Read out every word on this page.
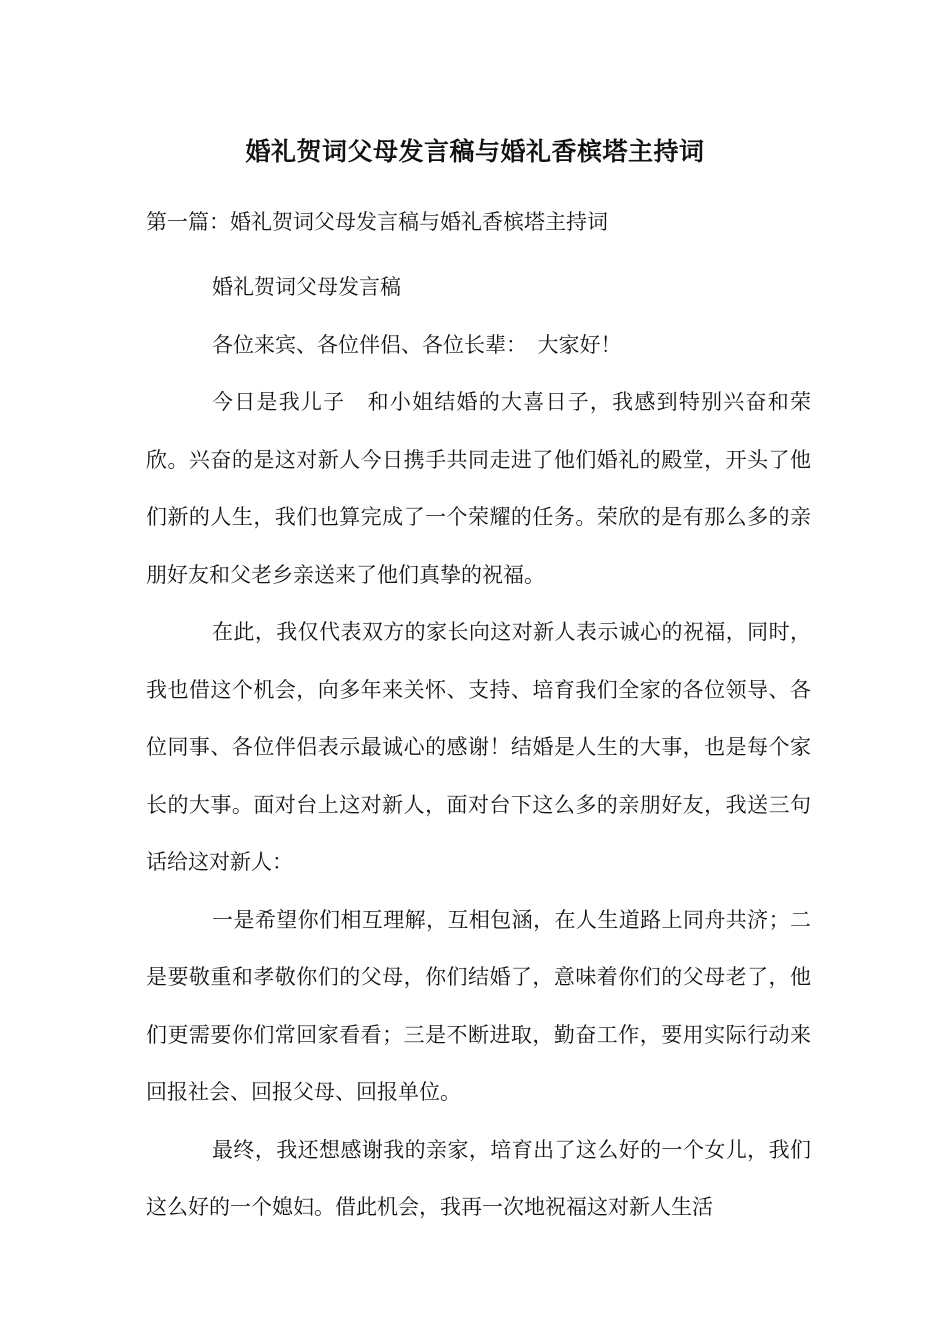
婚礼贺词父母发言稿与婚礼香槟塔主持词

第一篇：婚礼贺词父母发言稿与婚礼香槟塔主持词

婚礼贺词父母发言稿

各位来宾、各位伴侣、各位长辈：　大家好！

今日是我儿子　和小姐结婚的大喜日子，我感到特别兴奋和荣欣。兴奋的是这对新人今日携手共同走进了他们婚礼的殿堂，开头了他们新的人生，我们也算完成了一个荣耀的任务。荣欣的是有那么多的亲朋好友和父老乡亲送来了他们真挚的祝福。

在此，我仅代表双方的家长向这对新人表示诚心的祝福，同时，我也借这个机会，向多年来关怀、支持、培育我们全家的各位领导、各位同事、各位伴侣表示最诚心的感谢！结婚是人生的大事，也是每个家长的大事。面对台上这对新人，面对台下这么多的亲朋好友，我送三句话给这对新人：

一是希望你们相互理解，互相包涵，在人生道路上同舟共济；二是要敬重和孝敬你们的父母，你们结婚了，意味着你们的父母老了，他们更需要你们常回家看看；三是不断进取，勤奋工作，要用实际行动来回报社会、回报父母、回报单位。

最终，我还想感谢我的亲家，培育出了这么好的一个女儿，我们这么好的一个媳妇。借此机会，我再一次地祝福这对新人生活
